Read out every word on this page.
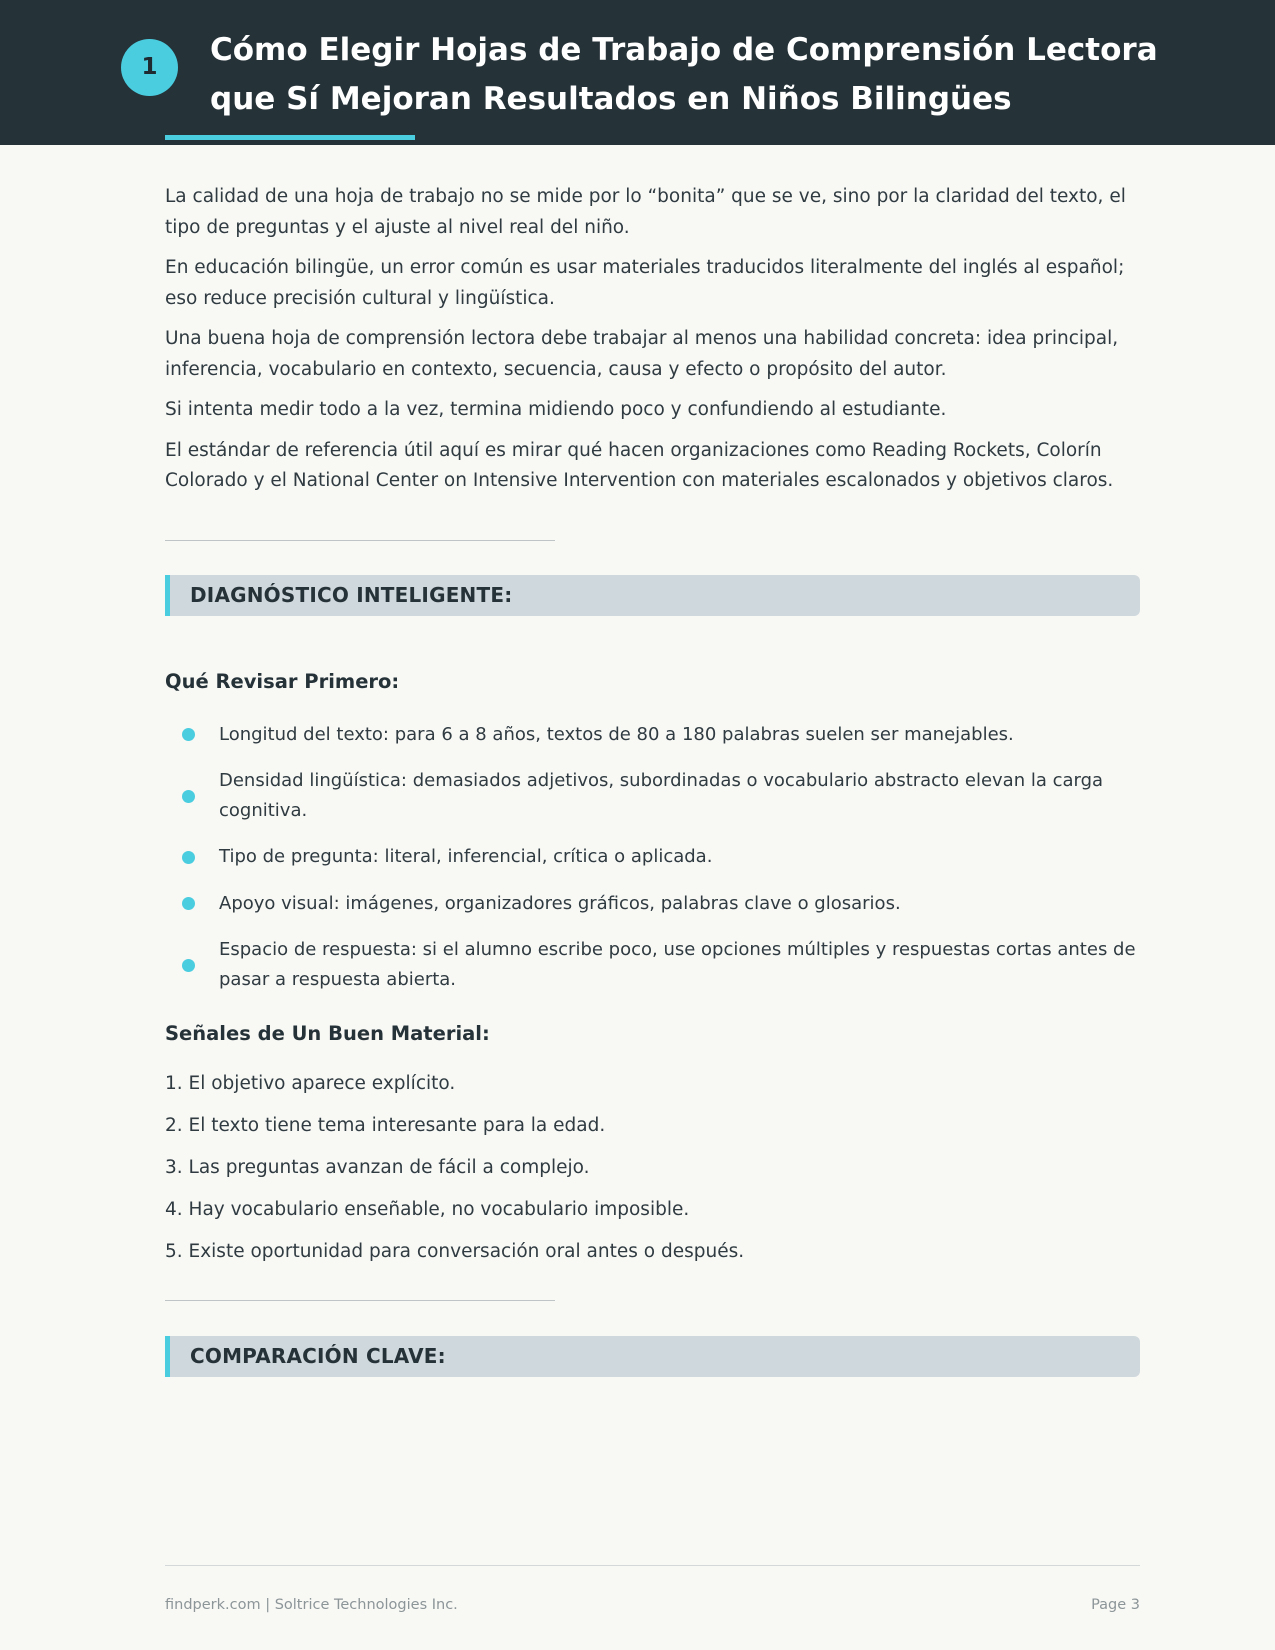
1	Cómo Elegir Hojas de Trabajo de Comprensión Lectora que Sí Mejoran Resultados en Niños Bilingües

La calidad de una hoja de trabajo no se mide por lo “bonita” que se ve, sino por la claridad del texto, el tipo de preguntas y el ajuste al nivel real del niño.

En educación bilingüe, un error común es usar materiales traducidos literalmente del inglés al español; eso reduce precisión cultural y lingüística.

Una buena hoja de comprensión lectora debe trabajar al menos una habilidad concreta: idea principal, inferencia, vocabulario en contexto, secuencia, causa y efecto o propósito del autor.

Si intenta medir todo a la vez, termina midiendo poco y confundiendo al estudiante.

El estándar de referencia útil aquí es mirar qué hacen organizaciones como Reading Rockets, Colorín Colorado y el National Center on Intensive Intervention con materiales escalonados y objetivos claros.

DIAGNÓSTICO INTELIGENTE:
Qué Revisar Primero:
Longitud del texto: para 6 a 8 años, textos de 80 a 180 palabras suelen ser manejables.
Densidad lingüística: demasiados adjetivos, subordinadas o vocabulario abstracto elevan la carga cognitiva.
Tipo de pregunta: literal, inferencial, crítica o aplicada.
Apoyo visual: imágenes, organizadores gráficos, palabras clave o glosarios.
Espacio de respuesta: si el alumno escribe poco, use opciones múltiples y respuestas cortas antes de pasar a respuesta abierta.
Señales de Un Buen Material:
1. El objetivo aparece explícito.
2. El texto tiene tema interesante para la edad.
3. Las preguntas avanzan de fácil a complejo.
4. Hay vocabulario enseñable, no vocabulario imposible.
5. Existe oportunidad para conversación oral antes o después.
COMPARACIÓN CLAVE:
findperk.com | Soltrice Technologies Inc.	Page 3
